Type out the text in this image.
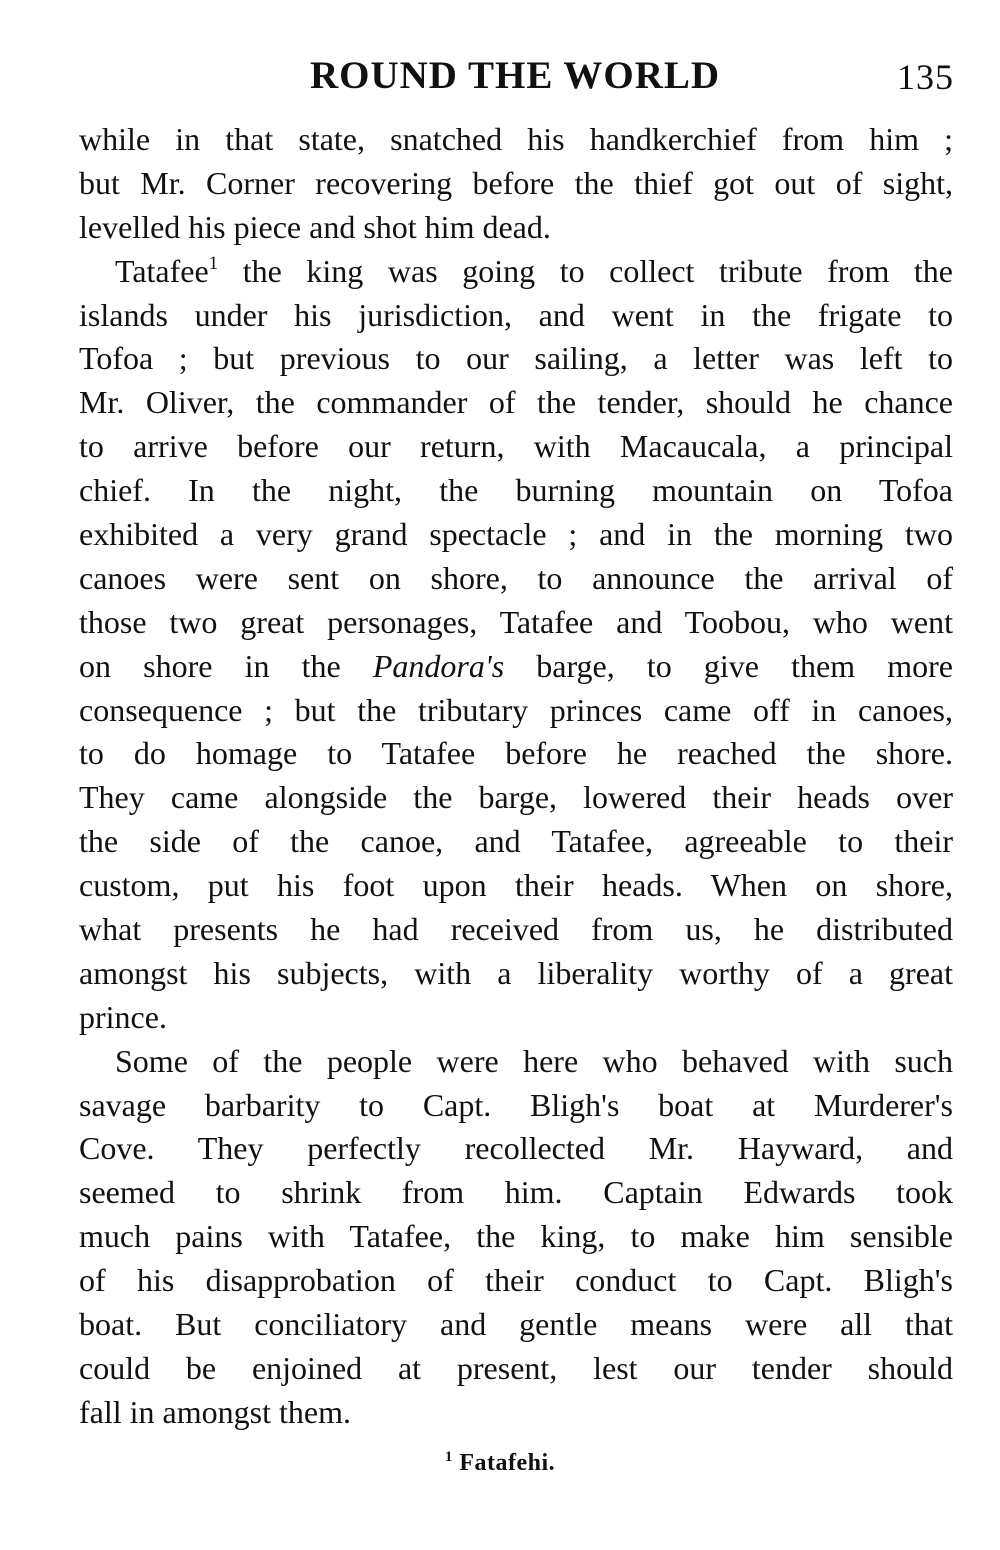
ROUND THE WORLD	135
while in that state, snatched his handkerchief from him ;
but Mr. Corner recovering before the thief got out of sight,
levelled his piece and shot him dead.
Tatafee$^1$ the king was going to collect tribute from the
islands under his jurisdiction, and went in the frigate to
Tofoa ; but previous to our sailing, a letter was left to
Mr. Oliver, the commander of the tender, should he chance
to arrive before our return, with Macaucala, a principal
chief. In the night, the burning mountain on Tofoa
exhibited a very grand spectacle ; and in the morning two
canoes were sent on shore, to announce the arrival of
those two great personages, Tatafee and Toobou, who went
on shore in the Pandora's barge, to give them more
consequence ; but the tributary princes came off in canoes,
to do homage to Tatafee before he reached the shore.
They came alongside the barge, lowered their heads over
the side of the canoe, and Tatafee, agreeable to their
custom, put his foot upon their heads. When on shore,
what presents he had received from us, he distributed
amongst his subjects, with a liberality worthy of a great
prince.
Some of the people were here who behaved with such
savage barbarity to Capt. Bligh's boat at Murderer's
Cove. They perfectly recollected Mr. Hayward, and
seemed to shrink from him. Captain Edwards took
much pains with Tatafee, the king, to make him sensible
of his disapprobation of their conduct to Capt. Bligh's
boat. But conciliatory and gentle means were all that
could be enjoined at present, lest our tender should
fall in amongst them.
$^1$ Fatafehi.
